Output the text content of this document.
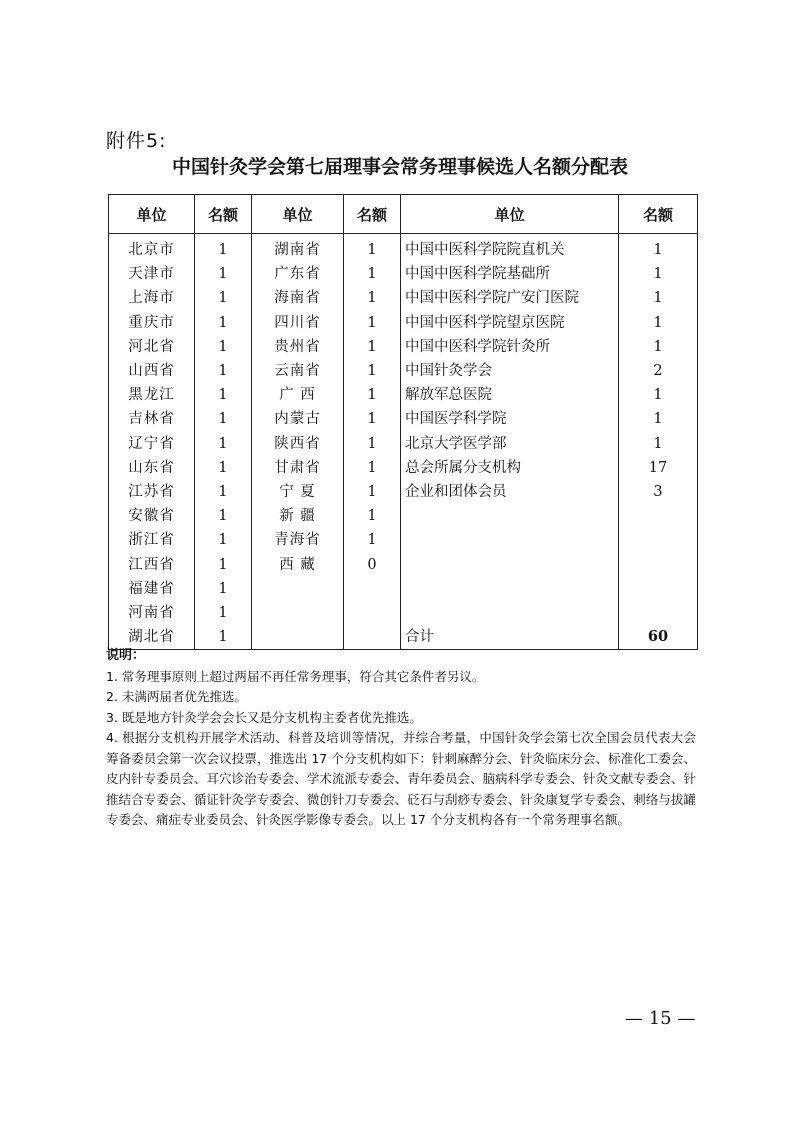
附件5:
中国针灸学会第七届理事会常务理事候选人名额分配表
单位	名额	单位	名额	单位	名额
北京市	1	湖南省	1	中国中医科学院院直机关	1
天津市	1	广东省	1	中国中医科学院基础所	1
上海市	1	海南省	1	中国中医科学院广安门医院	1
重庆市	1	四川省	1	中国中医科学院望京医院	1
河北省	1	贵州省	1	中国中医科学院针灸所	1
山西省	1	云南省	1	中国针灸学会	2
黑龙江	1	广 西	1	解放军总医院	1
吉林省	1	内蒙古	1	中国医学科学院	1
辽宁省	1	陕西省	1	北京大学医学部	1
山东省	1	甘肃省	1	总会所属分支机构	17
江苏省	1	宁 夏	1	企业和团体会员	3
安徽省	1	新 疆	1		
浙江省	1	青海省	1		
江西省	1	西 藏	0		
福建省	1				
河南省	1				
湖北省	1			合计	60

说明：

1. 常务理事原则上超过两届不再任常务理事，符合其它条件者另议。

2. 未满两届者优先推选。

3. 既是地方针灸学会会长又是分支机构主委者优先推选。

4. 根据分支机构开展学术活动、科普及培训等情况，并综合考量，中国针灸学会第七次全国会员代表大会筹备委员会第一次会议投票，推选出 17 个分支机构如下：针刺麻醉分会、针灸临床分会、标准化工委会、皮内针专委员会、耳穴诊治专委会、学术流派专委会、青年委员会、脑病科学专委会、针灸文献专委会、针推结合专委会、循证针灸学专委会、微创针刀专委会、砭石与刮痧专委会、针灸康复学专委会、刺络与拔罐专委会、痛症专业委员会、针灸医学影像专委会。以上 17 个分支机构各有一个常务理事名额。

— 15 —
